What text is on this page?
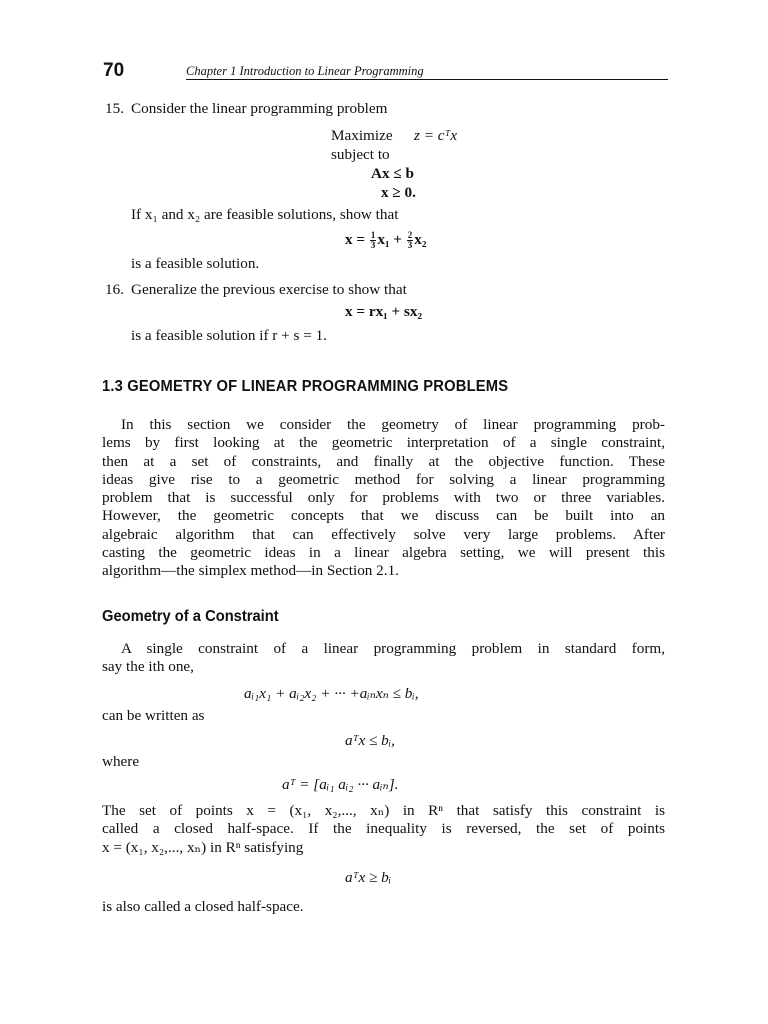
70	Chapter 1 Introduction to Linear Programming
15. Consider the linear programming problem
Maximize z = cᵀx
subject to
Ax ≤ b
x ≥ 0.
If x₁ and x₂ are feasible solutions, show that
$x = \frac{1}{3} x_1 + \frac{2}{3} x_2$
is a feasible solution.
16. Generalize the previous exercise to show that
x = rx₁ + sx₂
is a feasible solution if r + s = 1.
1.3 GEOMETRY OF LINEAR PROGRAMMING PROBLEMS
In this section we consider the geometry of linear programming prob-
lems by first looking at the geometric interpretation of a single constraint,
then at a set of constraints, and finally at the objective function. These
ideas give rise to a geometric method for solving a linear programming
problem that is successful only for problems with two or three variables.
However, the geometric concepts that we discuss can be built into an
algebraic algorithm that can effectively solve very large problems. After
casting the geometric ideas in a linear algebra setting, we will present this
algorithm—the simplex method—in Section 2.1.
Geometry of a Constraint
A single constraint of a linear programming problem in standard form,
say the ith one,
aᵢ₁x₁ + aᵢ₂x₂ + ··· +aᵢₙxₙ ≤ bᵢ,
can be written as
aᵀx ≤ bᵢ,
where
aᵀ = [aᵢ₁ aᵢ₂ ··· aᵢₙ].
The set of points x = (x₁, x₂,..., xₙ) in Rⁿ that satisfy this constraint is
called a closed half-space. If the inequality is reversed, the set of points
x = (x₁, x₂,..., xₙ) in Rⁿ satisfying
aᵀx ≥ bᵢ
is also called a closed half-space.
